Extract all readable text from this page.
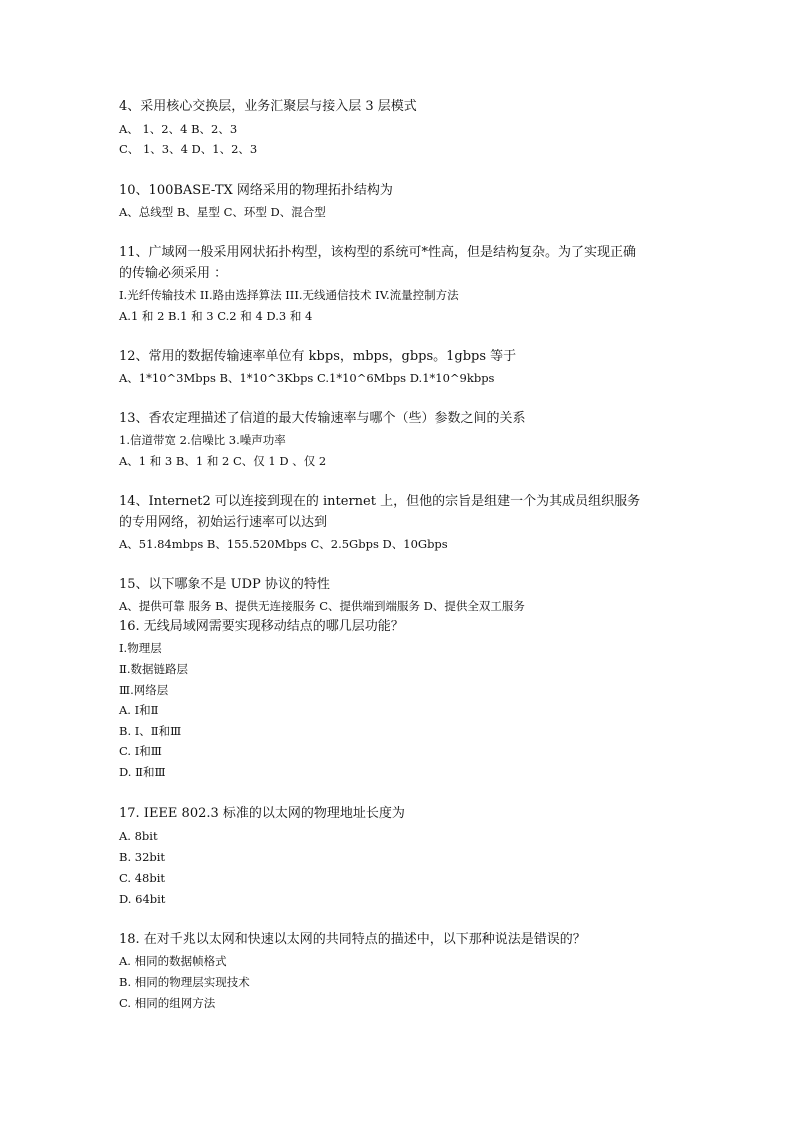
4、采用核心交换层，业务汇聚层与接入层 3 层模式
A、 1、2、4 B、2、3
C、 1、3、4 D、1、2、3
10、100BASE-TX 网络采用的物理拓扑结构为
A、总线型 B、星型 C、环型 D、混合型
11、广域网一般采用网状拓扑构型，该构型的系统可*性高，但是结构复杂。为了实现正确
的传输必须采用 ：
I.光纤传输技术 II.路由选择算法 III.无线通信技术 IV.流量控制方法
A.1 和 2 B.1 和 3 C.2 和 4 D.3 和 4
12、常用的数据传输速率单位有 kbps，mbps，gbps。1gbps 等于
A、1*10^3Mbps B、1*10^3Kbps C.1*10^6Mbps D.1*10^9kbps
13、香农定理描述了信道的最大传输速率与哪个（些）参数之间的关系
1.信道带宽 2.信噪比 3.噪声功率
A、1 和 3 B、1 和 2 C、仅 1 D 、仅 2
14、Internet2 可以连接到现在的 internet 上，但他的宗旨是组建一个为其成员组织服务
的专用网络，初始运行速率可以达到
A、51.84mbps B、155.520Mbps C、2.5Gbps D、10Gbps
15、以下哪象不是 UDP 协议的特性
A、提供可靠 服务 B、提供无连接服务 C、提供端到端服务 D、提供全双工服务
16. 无线局域网需要实现移动结点的哪几层功能？
Ⅰ.物理层
Ⅱ.数据链路层
Ⅲ.网络层
A. Ⅰ和Ⅱ
B. Ⅰ、Ⅱ和Ⅲ
C. Ⅰ和Ⅲ
D. Ⅱ和Ⅲ
17. IEEE 802.3 标准的以太网的物理地址长度为
A. 8bit
B. 32bit
C. 48bit
D. 64bit
18. 在对千兆以太网和快速以太网的共同特点的描述中，以下那种说法是错误的？
A. 相同的数据帧格式
B. 相同的物理层实现技术
C. 相同的组网方法
